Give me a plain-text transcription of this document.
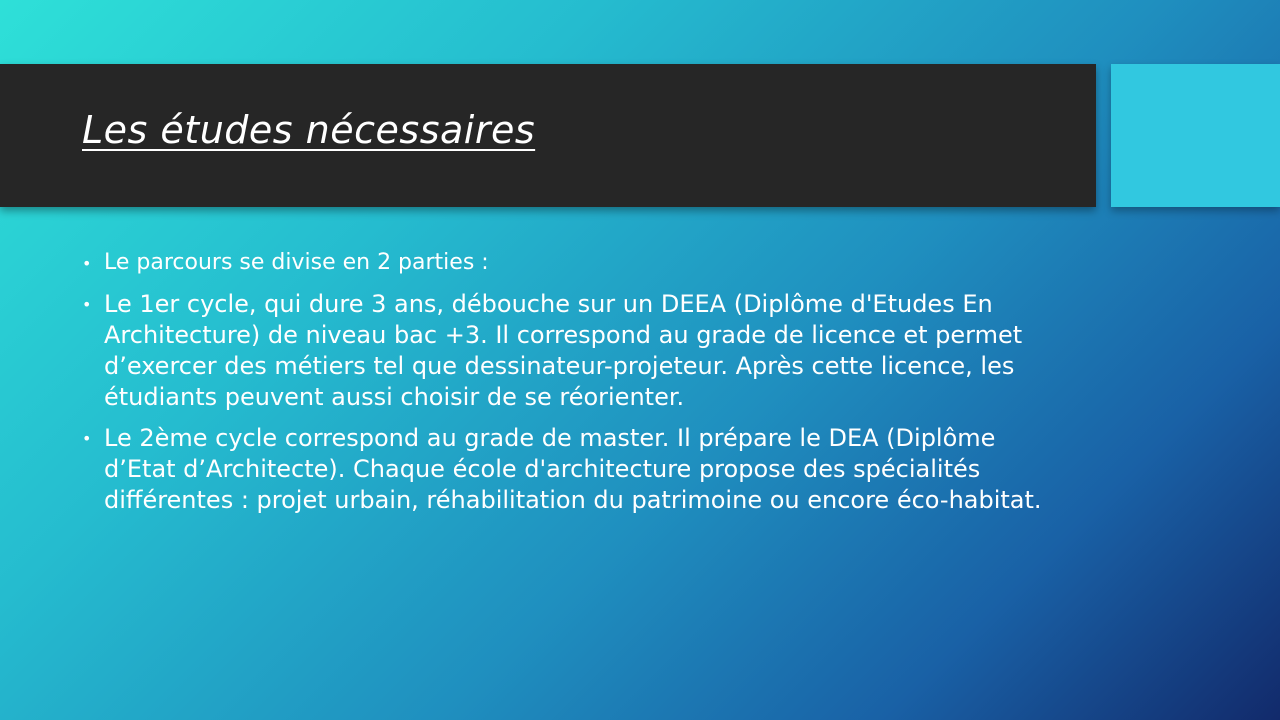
Les études nécessaires
• Le parcours se divise en 2 parties :
• Le 1er cycle, qui dure 3 ans, débouche sur un DEEA (Diplôme d'Etudes En Architecture) de niveau bac +3. Il correspond au grade de licence et permet d’exercer des métiers tel que dessinateur-projeteur. Après cette licence, les étudiants peuvent aussi choisir de se réorienter.
• Le 2ème cycle correspond au grade de master. Il prépare le DEA (Diplôme d’Etat d’Architecte). Chaque école d'architecture propose des spécialités différentes : projet urbain, réhabilitation du patrimoine ou encore éco-habitat.
